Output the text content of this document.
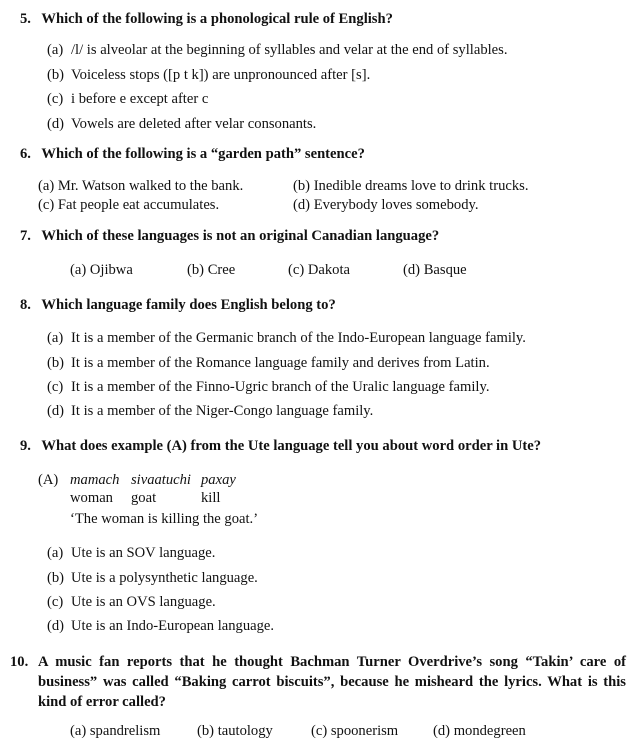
5. Which of the following is a phonological rule of English?
(a) /l/ is alveolar at the beginning of syllables and velar at the end of syllables.
(b) Voiceless stops ([p t k]) are unpronounced after [s].
(c) i before e except after c
(d) Vowels are deleted after velar consonants.
6. Which of the following is a “garden path” sentence?
(a) Mr. Watson walked to the bank.	(b) Inedible dreams love to drink trucks.
(c) Fat people eat accumulates.	(d) Everybody loves somebody.
7. Which of these languages is not an original Canadian language?
(a) Ojibwa	(b) Cree	(c) Dakota	(d) Basque
8. Which language family does English belong to?
(a) It is a member of the Germanic branch of the Indo-European language family.
(b) It is a member of the Romance language family and derives from Latin.
(c) It is a member of the Finno-Ugric branch of the Uralic language family.
(d) It is a member of the Niger-Congo language family.
9. What does example (A) from the Ute language tell you about word order in Ute?
(A) mamach sivaatuchi paxay
woman goat	kill
‘The woman is killing the goat.’
(a) Ute is an SOV language.
(b) Ute is a polysynthetic language.
(c) Ute is an OVS language.
(d) Ute is an Indo-European language.
10. A music fan reports that he thought Bachman Turner Overdrive’s song “Takin’ care of business” was called “Baking carrot biscuits”, because he misheard the lyrics. What is this kind of error called?
(a) spandrelism	(b) tautology	(c) spoonerism (d) mondegreen
